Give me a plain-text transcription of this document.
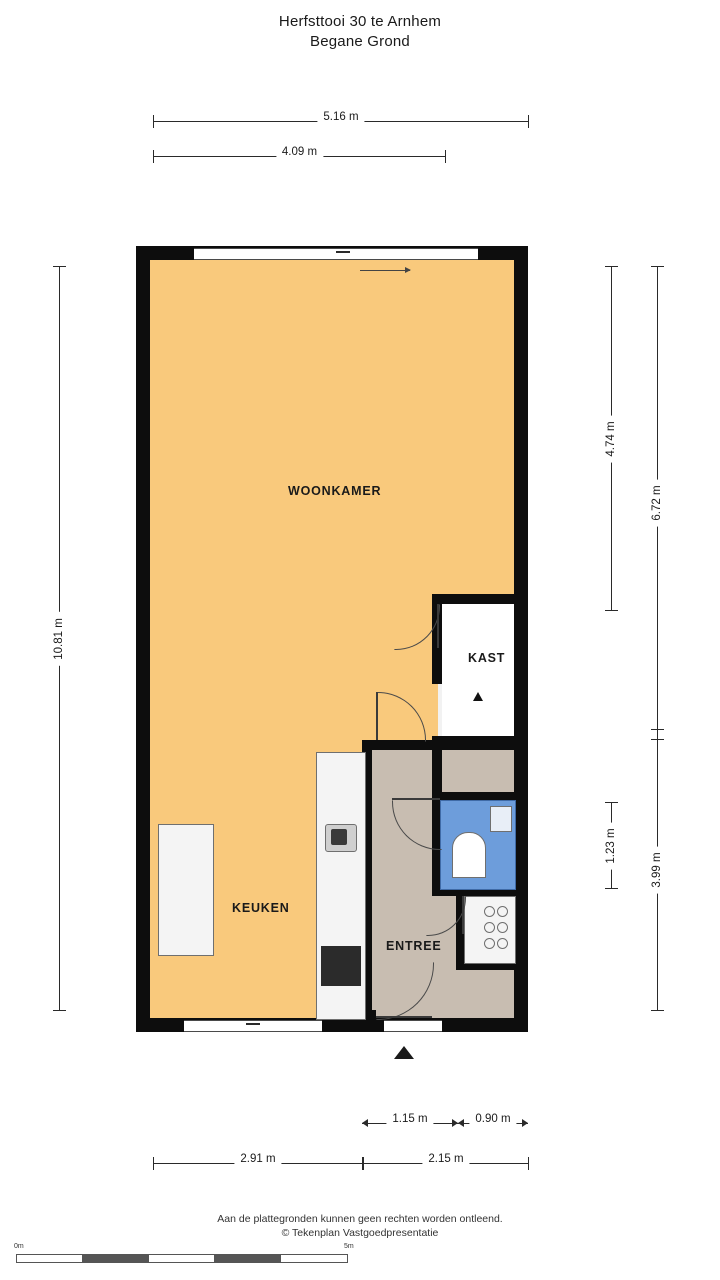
Herfsttooi 30 te Arnhem
Begane Grond
5.16 m
4.09 m
10.81 m
4.74 m
6.72 m
1.23 m
3.99 m
WOONKAMER
KEUKEN
KAST
ENTREE
1.15 m	0.90 m
2.91 m	2.15 m
Aan de plattegronden kunnen geen rechten worden ontleend.
© Tekenplan Vastgoedpresentatie
0m	5m
